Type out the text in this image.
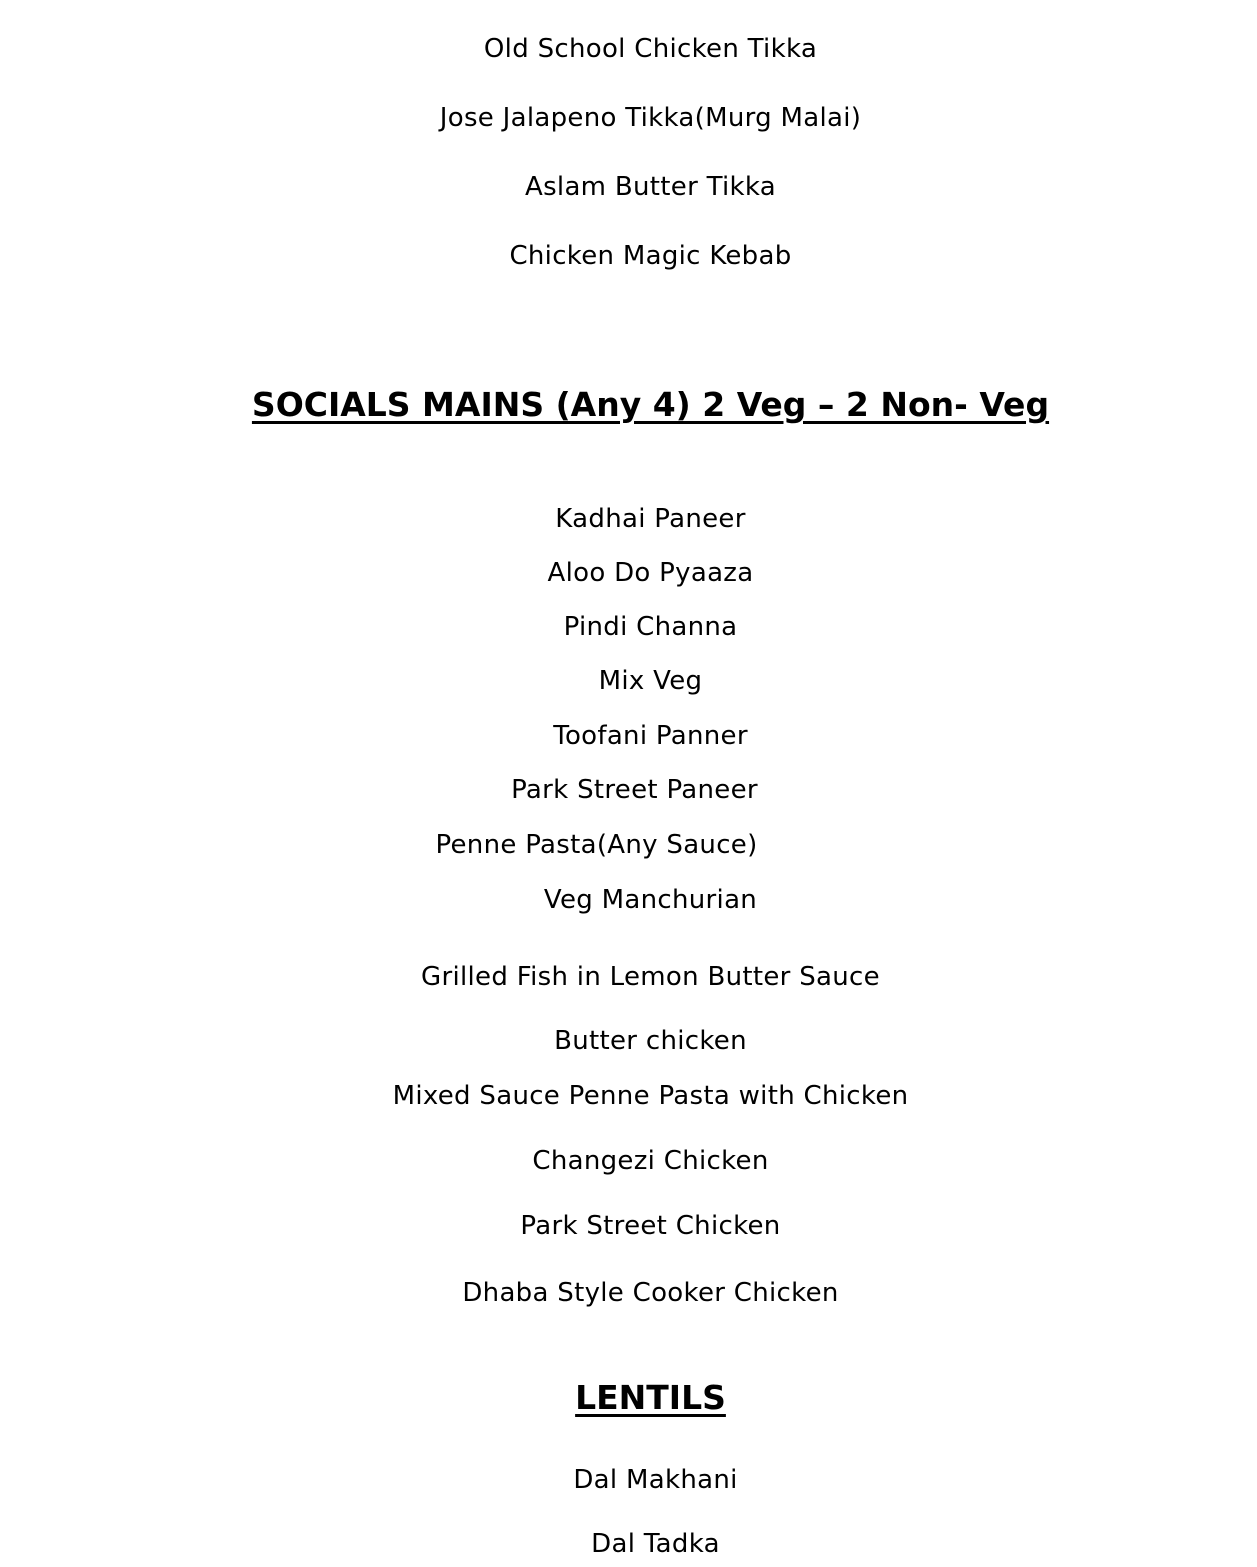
Old School Chicken Tikka
Jose Jalapeno Tikka(Murg Malai)
Aslam Butter Tikka
Chicken Magic Kebab
SOCIALS MAINS (Any 4) 2 Veg – 2 Non- Veg
Kadhai Paneer
Aloo Do Pyaaza
Pindi Channa
Mix Veg
Toofani Panner
Park Street Paneer
Penne Pasta(Any Sauce)
Veg Manchurian
Grilled Fish in Lemon Butter Sauce
Butter chicken
Mixed Sauce Penne Pasta with Chicken
Changezi Chicken
Park Street Chicken
Dhaba Style Cooker Chicken
LENTILS
Dal Makhani
Dal Tadka
